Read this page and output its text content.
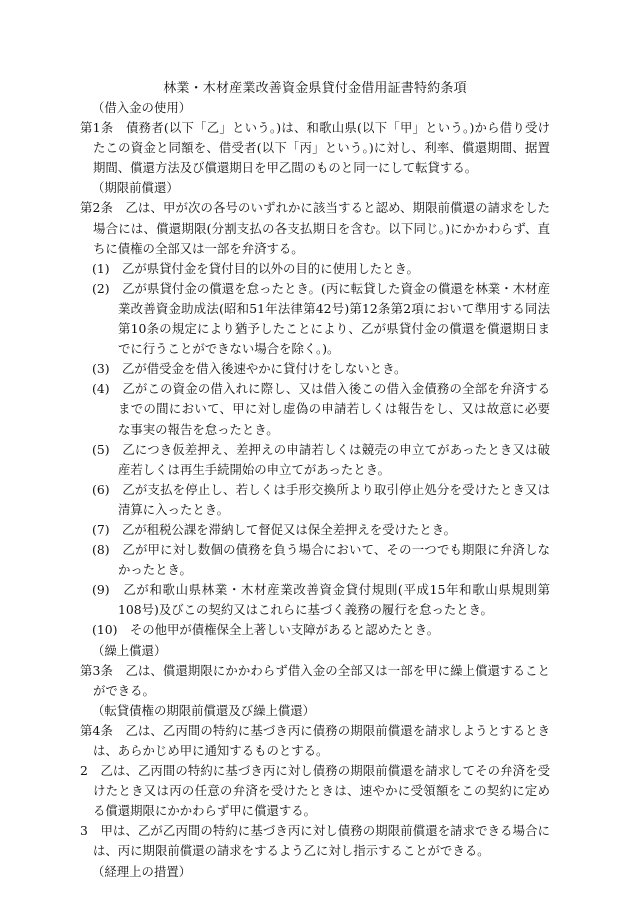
林業・木材産業改善資金県貸付金借用証書特約条項
（借入金の使用）
第1条　債務者(以下「乙」という。)は、和歌山県(以下「甲」という。)から借り受けたこの資金と同額を、借受者(以下「丙」という。)に対し、利率、償還期間、据置期間、償還方法及び償還期日を甲乙間のものと同一にして転貸する。
（期限前償還）
第2条　乙は、甲が次の各号のいずれかに該当すると認め、期限前償還の請求をした場合には、償還期限(分割支払の各支払期日を含む。以下同じ。)にかかわらず、直ちに債権の全部又は一部を弁済する。
(1)　乙が県貸付金を貸付目的以外の目的に使用したとき。
(2)　乙が県貸付金の償還を怠ったとき。(丙に転貸した資金の償還を林業・木材産業改善資金助成法(昭和51年法律第42号)第12条第2項において準用する同法第10条の規定により猶予したことにより、乙が県貸付金の償還を償還期日までに行うことができない場合を除く。)。
(3)　乙が借受金を借入後速やかに貸付けをしないとき。
(4)　乙がこの資金の借入れに際し、又は借入後この借入金債務の全部を弁済するまでの間において、甲に対し虚偽の申請若しくは報告をし、又は故意に必要な事実の報告を怠ったとき。
(5)　乙につき仮差押え、差押えの申請若しくは競売の申立てがあったとき又は破産若しくは再生手続開始の申立てがあったとき。
(6)　乙が支払を停止し、若しくは手形交換所より取引停止処分を受けたとき又は清算に入ったとき。
(7)　乙が租税公課を滞納して督促又は保全差押えを受けたとき。
(8)　乙が甲に対し数個の債務を負う場合において、その一つでも期限に弁済しなかったとき。
(9)　乙が和歌山県林業・木材産業改善資金貸付規則(平成15年和歌山県規則第108号)及びこの契約又はこれらに基づく義務の履行を怠ったとき。
(10)　その他甲が債権保全上著しい支障があると認めたとき。
（繰上償還）
第3条　乙は、償還期限にかかわらず借入金の全部又は一部を甲に繰上償還することができる。
（転貸債権の期限前償還及び繰上償還）
第4条　乙は、乙丙間の特約に基づき丙に債務の期限前償還を請求しようとするときは、あらかじめ甲に通知するものとする。
2　乙は、乙丙間の特約に基づき丙に対し債務の期限前償還を請求してその弁済を受けたとき又は丙の任意の弁済を受けたときは、速やかに受領額をこの契約に定める償還期限にかかわらず甲に償還する。
3　甲は、乙が乙丙間の特約に基づき丙に対し債務の期限前償還を請求できる場合には、丙に期限前償還の請求をするよう乙に対し指示することができる。
（経理上の措置）
